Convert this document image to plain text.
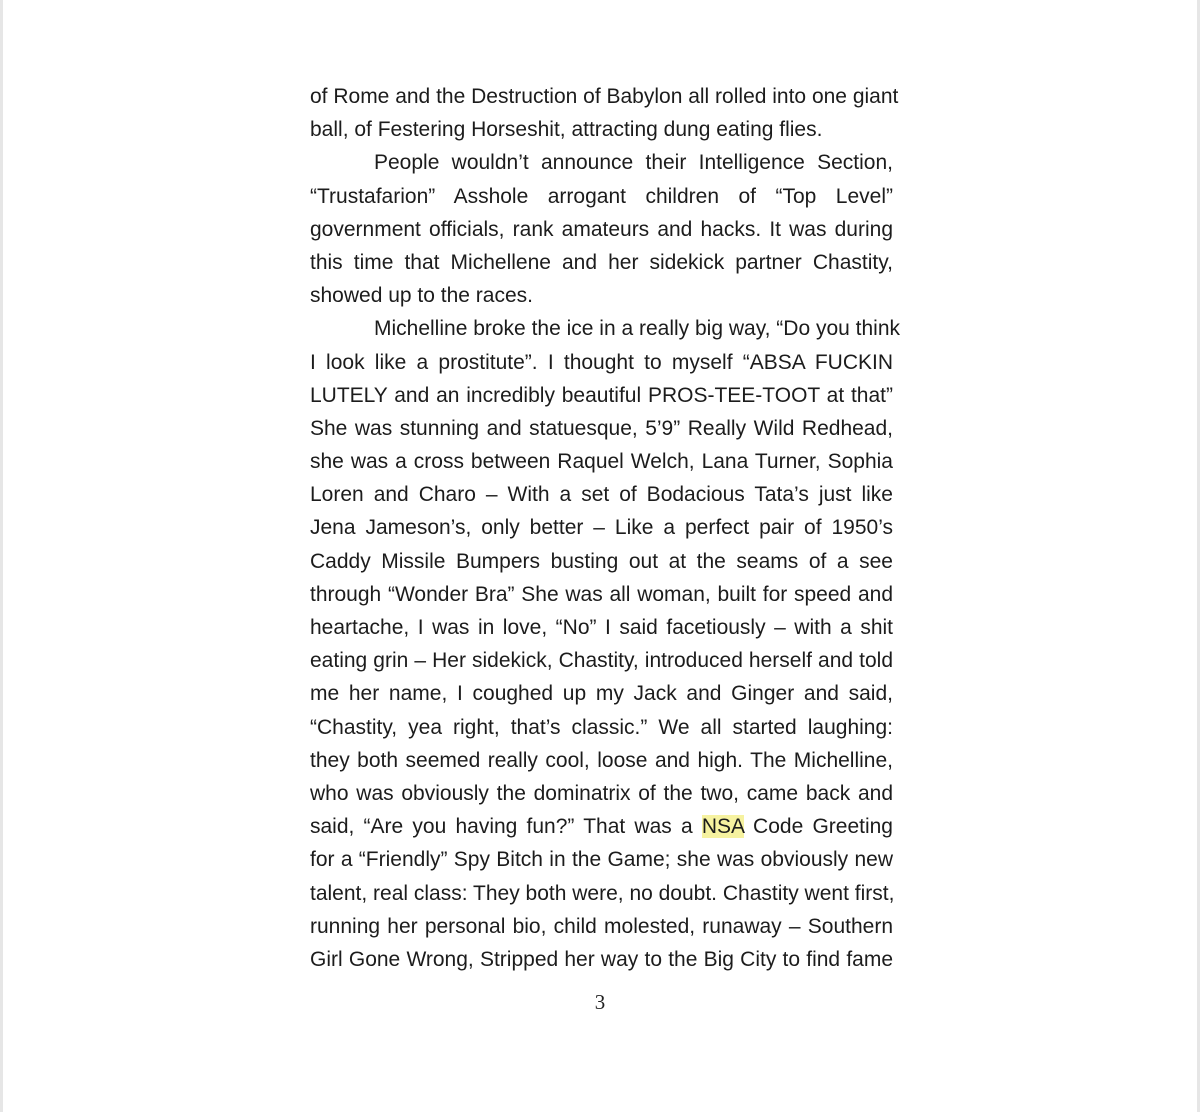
of Rome and the Destruction of Babylon all rolled into one giant
ball, of Festering Horseshit, attracting dung eating flies.
People wouldn’t announce their Intelligence Section,
“Trustafarion” Asshole arrogant children of “Top Level”
government officials, rank amateurs and hacks. It was during
this time that Michellene and her sidekick partner Chastity,
showed up to the races.
Michelline broke the ice in a really big way, “Do you think
I look like a prostitute”. I thought to myself “ABSA FUCKIN
LUTELY and an incredibly beautiful PROS-TEE-TOOT at that”
She was stunning and statuesque, 5’9” Really Wild Redhead,
she was a cross between Raquel Welch, Lana Turner, Sophia
Loren and Charo – With a set of Bodacious Tata’s just like
Jena Jameson’s, only better – Like a perfect pair of 1950’s
Caddy Missile Bumpers busting out at the seams of a see
through “Wonder Bra” She was all woman, built for speed and
heartache, I was in love, “No” I said facetiously – with a shit
eating grin – Her sidekick, Chastity, introduced herself and told
me her name, I coughed up my Jack and Ginger and said,
“Chastity, yea right, that’s classic.” We all started laughing:
they both seemed really cool, loose and high. The Michelline,
who was obviously the dominatrix of the two, came back and
said, “Are you having fun?” That was a NSA Code Greeting
for a “Friendly” Spy Bitch in the Game; she was obviously new
talent, real class: They both were, no doubt. Chastity went first,
running her personal bio, child molested, runaway – Southern
Girl Gone Wrong, Stripped her way to the Big City to find fame
3
